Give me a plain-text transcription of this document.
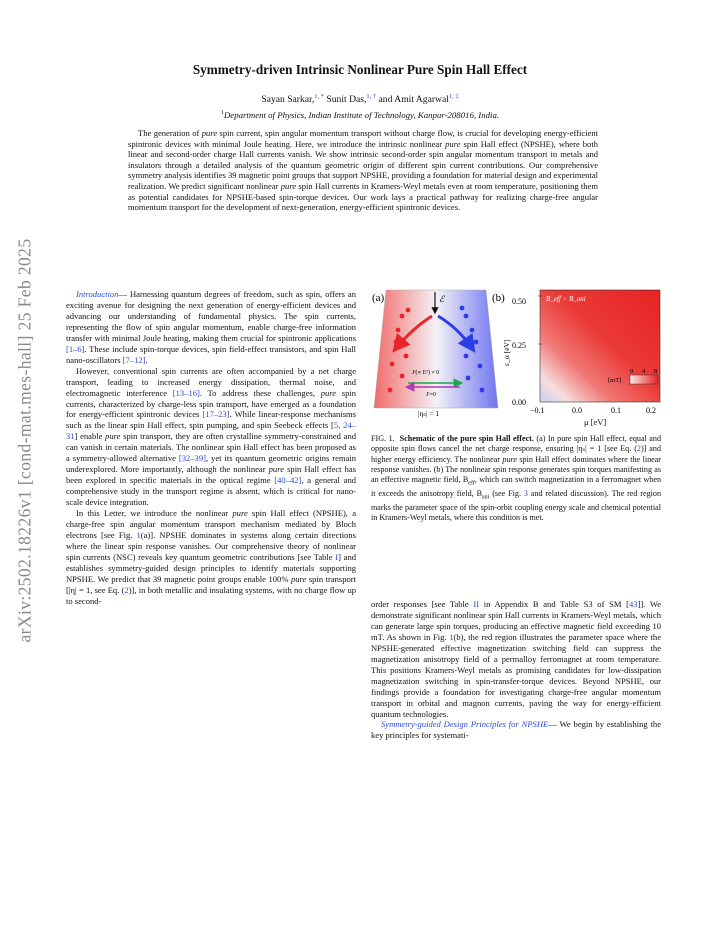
arXiv:2502.18226v1 [cond-mat.mes-hall] 25 Feb 2025
Symmetry-driven Intrinsic Nonlinear Pure Spin Hall Effect
Sayan Sarkar,$^{1, *}$ Sunit Das,$^{1, \dagger}$ and Amit Agarwal$^{1, \ddagger}$
$^1$Department of Physics, Indian Institute of Technology, Kanpur-208016, India.
The generation of pure spin current, spin angular momentum transport without charge flow, is crucial for developing energy-efficient spintronic devices with minimal Joule heating. Here, we introduce the intrinsic nonlinear pure spin Hall effect (NPSHE), where both linear and second-order charge Hall currents vanish. We show intrinsic second-order spin angular momentum transport in metals and insulators through a detailed analysis of the quantum geometric origin of different spin current contributions. Our comprehensive symmetry analysis identifies 39 magnetic point groups that support NPSHE, providing a foundation for material design and experimental realization. We predict significant nonlinear pure spin Hall currents in Kramers-Weyl metals even at room temperature, positioning them as potential candidates for NPSHE-based spin-torque devices. Our work lays a practical pathway for realizing charge-free angular momentum transport for the development of next-generation, energy-efficient spintronic devices.

Introduction— Harnessing quantum degrees of freedom, such as spin, offers an exciting avenue for designing the next generation of energy-efficient devices and advancing our understanding of fundamental physics. The spin currents, representing the flow of spin angular momentum, enable charge-free information transfer with minimal Joule heating, making them crucial for spintronic applications [1–6]. These include spin-torque devices, spin field-effect transistors, and spin Hall nano-oscillators [7–12].

However, conventional spin currents are often accompanied by a net charge transport, leading to increased energy dissipation, thermal noise, and electromagnetic interference [13–16]. To address these challenges, pure spin currents, characterized by charge-less spin transport, have emerged as a foundation for energy-efficient spintronic devices [17–23]. While linear-response mechanisms such as the linear spin Hall effect, spin pumping, and spin Seebeck effects [5, 24–31] enable pure spin transport, they are often crystalline symmetry-constrained and can vanish in certain materials. The nonlinear spin Hall effect has been proposed as a symmetry-allowed alternative [32–39], yet its quantum geometric origins remain underexplored. More importantly, although the nonlinear pure spin Hall effect has been explored in specific materials in the optical regime [40–42], a general and comprehensive study in the transport regime is absent, which is critical for nano-scale device integration.

In this Letter, we introduce the nonlinear pure spin Hall effect (NPSHE), a charge-free spin angular momentum transport mechanism mediated by Bloch electrons [see Fig. 1(a)]. NPSHE dominates in systems along certain directions where the linear spin response vanishes. Our comprehensive theory of nonlinear spin currents (NSC) reveals key quantum geometric contributions [see Table I] and establishes symmetry-guided design principles to identify materials supporting NPSHE. We predict that 39 magnetic point groups enable 100% pure spin transport [|η| = 1, see Eq. (2)], in both metallic and insulating systems, with no charge flow up to second-

(a)	ℰ
Jˢ(∝ E²) ≠ 0
Jᶜ=0
|ηₛ| = 1
(b)	B_eff > B_ani
[mT]
0 4 8
0.50
0.25
0.00
ε_α [eV]
−0.1	0.0	0.1	0.2
μ [eV]
FIG. 1. Schematic of the pure spin Hall effect. (a) In pure spin Hall effect, equal and opposite spin flows cancel the net charge response, ensuring |ηₛ| = 1 [see Eq. (2)] and higher energy efficiency. The nonlinear pure spin Hall effect dominates where the linear response vanishes. (b) The nonlinear spin response generates spin torques manifesting as an effective magnetic field, $B_{eff}$, which can switch magnetization in a ferromagnet when it exceeds the anisotropy field, $B_{ani}$ (see Fig. 3 and related discussion). The red region marks the parameter space of the spin-orbit coupling energy scale and chemical potential in Kramers-Weyl metals, where this condition is met.

order responses [see Table II in Appendix B and Table S3 of SM [43]]. We demonstrate significant nonlinear spin Hall currents in Kramers-Weyl metals, which can generate large spin torques, producing an effective magnetic field exceeding 10 mT. As shown in Fig. 1(b), the red region illustrates the parameter space where the NPSHE-generated effective magnetization switching field can suppress the magnetization anisotropy field of a permalloy ferromagnet at room temperature. This positions Kramers-Weyl metals as promising candidates for low-dissipation magnetization switching in spin-transfer-torque devices. Beyond NPSHE, our findings provide a foundation for investigating charge-free angular momentum transport in orbital and magnon currents, paving the way for energy-efficient quantum technologies.

Symmetry-guided Design Principles for NPSHE— We begin by establishing the key principles for systemati-
